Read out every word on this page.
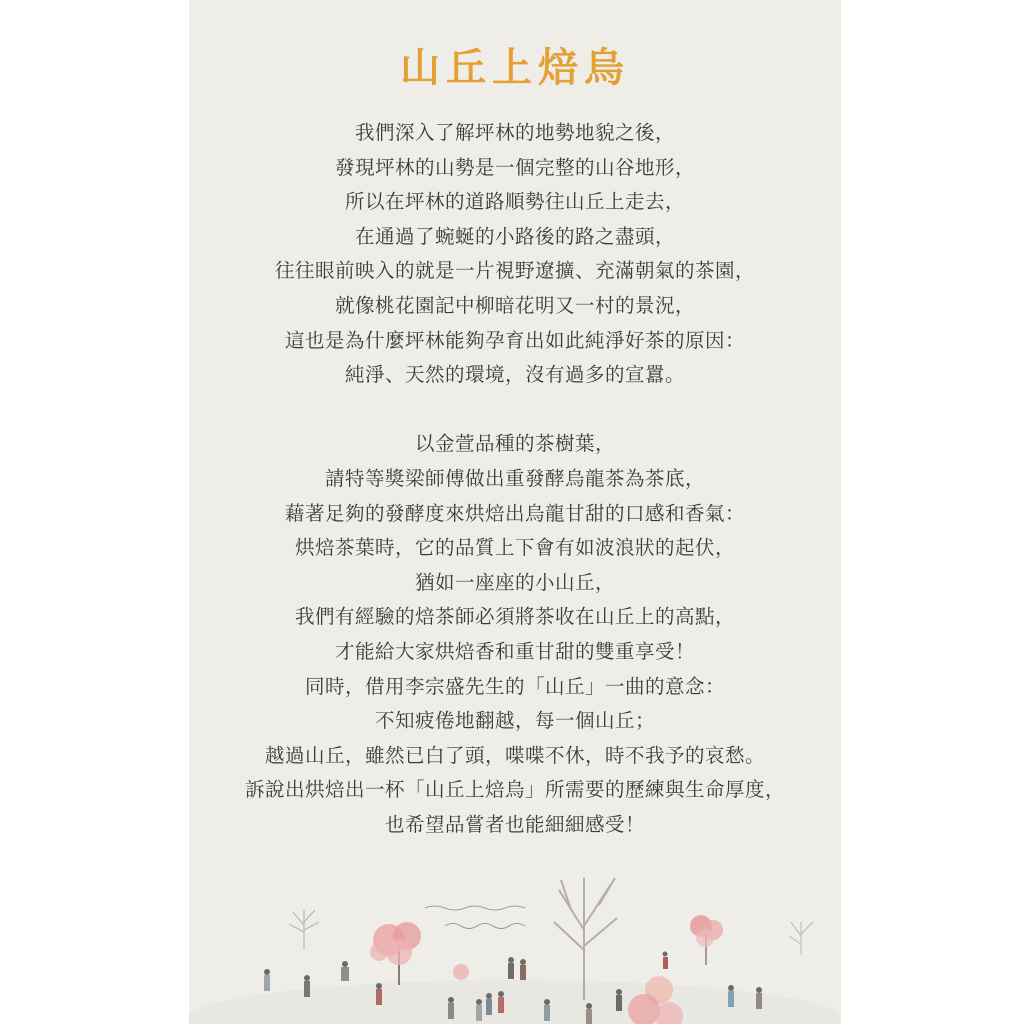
山丘上焙烏
我們深入了解坪林的地勢地貌之後，
發現坪林的山勢是一個完整的山谷地形，
所以在坪林的道路順勢往山丘上走去，
在通過了蜿蜒的小路後的路之盡頭，
往往眼前映入的就是一片視野遼擴、充滿朝氣的茶園，
就像桃花園記中柳暗花明又一村的景況，
這也是為什麼坪林能夠孕育出如此純淨好茶的原因：
純淨、天然的環境，沒有過多的宣囂。
以金萱品種的茶樹葉，
請特等獎梁師傅做出重發酵烏龍茶為茶底，
藉著足夠的發酵度來烘焙出烏龍甘甜的口感和香氣：
烘焙茶葉時，它的品質上下會有如波浪狀的起伏，
猶如一座座的小山丘，
我們有經驗的焙茶師必須將茶收在山丘上的高點，
才能給大家烘焙香和重甘甜的雙重享受！
同時，借用李宗盛先生的「山丘」一曲的意念：
不知疲倦地翻越，每一個山丘；
越過山丘，雖然已白了頭，喋喋不休，時不我予的哀愁。
訴說出烘焙出一杯「山丘上焙烏」所需要的歷練與生命厚度，
也希望品嘗者也能細細感受！
